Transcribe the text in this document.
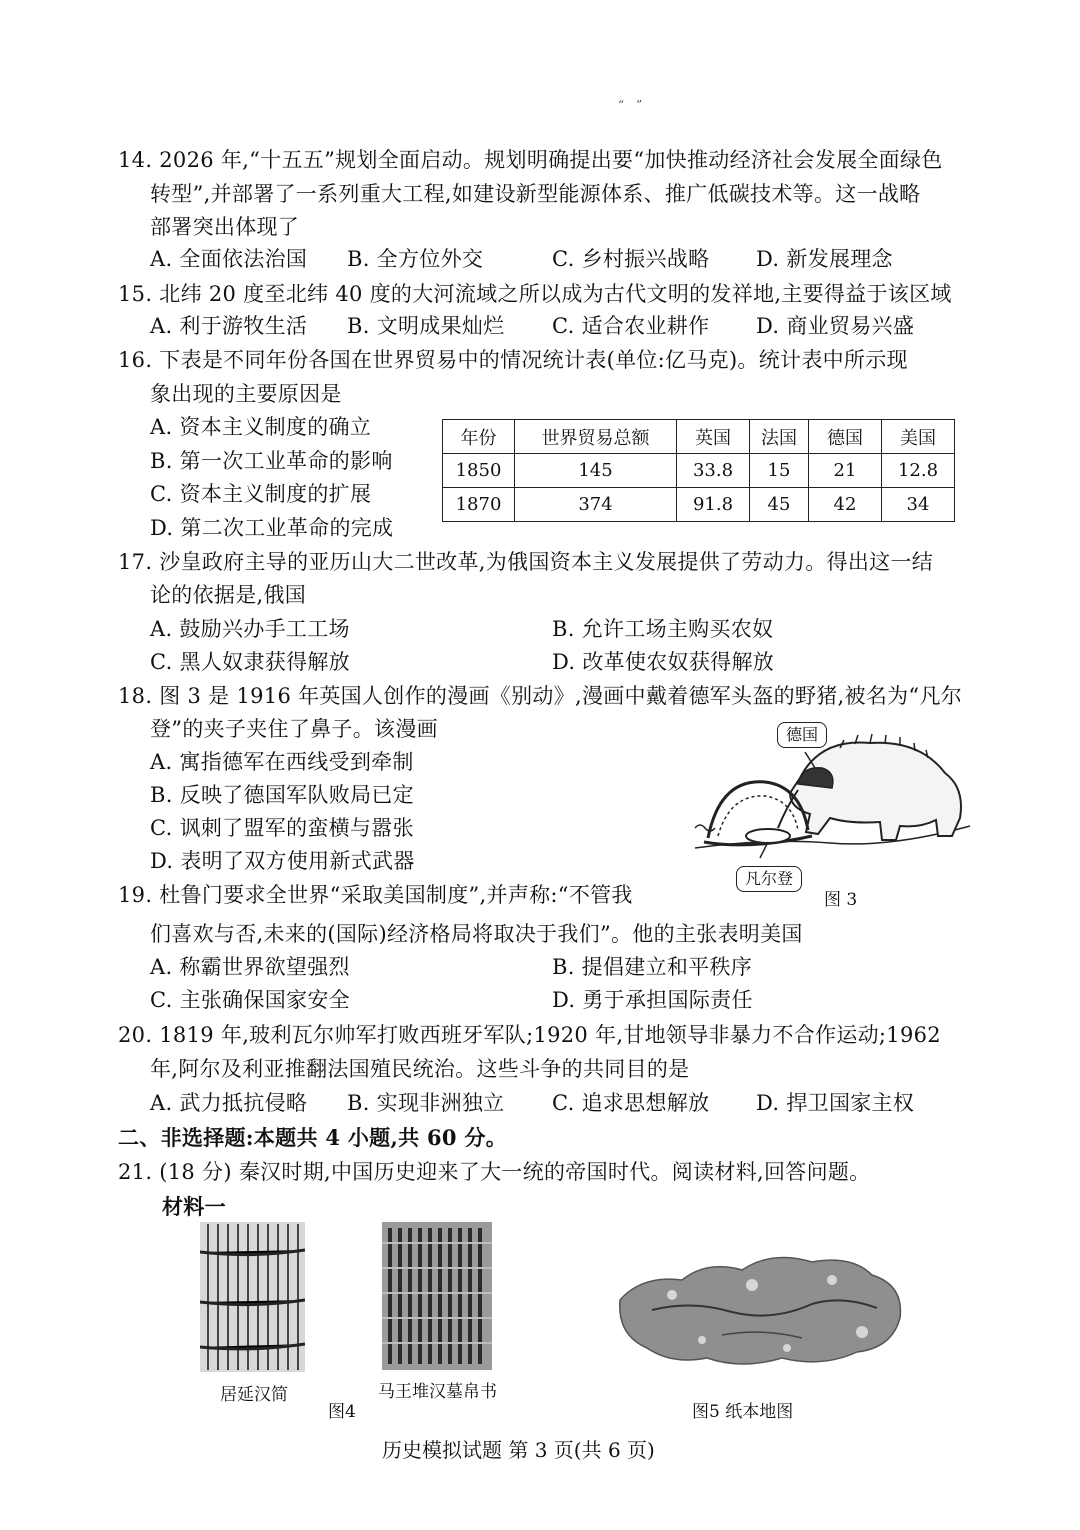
“ ”
14. 2026 年,“十五五”规划全面启动。规划明确提出要“加快推动经济社会发展全面绿色
转型”,并部署了一系列重大工程,如建设新型能源体系、推广低碳技术等。这一战略
部署突出体现了
A. 全面依法治国 B. 全方位外交	C. 乡村振兴战略 D. 新发展理念
15. 北纬 20 度至北纬 40 度的大河流域之所以成为古代文明的发祥地,主要得益于该区域
A. 利于游牧生活 B. 文明成果灿烂 C. 适合农业耕作 D. 商业贸易兴盛
16. 下表是不同年份各国在世界贸易中的情况统计表(单位:亿马克)。统计表中所示现
象出现的主要原因是
A. 资本主义制度的确立
B. 第一次工业革命的影响
C. 资本主义制度的扩展
D. 第二次工业革命的完成
年份	世界贸易总额	英国	法国	德国	美国
1850	145	33.8	15	21	12.8
1870	374	91.8	45	42	34
17. 沙皇政府主导的亚历山大二世改革,为俄国资本主义发展提供了劳动力。得出这一结
论的依据是,俄国
A. 鼓励兴办手工工场	B. 允许工场主购买农奴
C. 黑人奴隶获得解放	D. 改革使农奴获得解放
18. 图 3 是 1916 年英国人创作的漫画《别动》,漫画中戴着德军头盔的野猪,被名为“凡尔
登”的夹子夹住了鼻子。该漫画
A. 寓指德军在西线受到牵制
B. 反映了德国军队败局已定
C. 讽刺了盟军的蛮横与嚣张
D. 表明了双方使用新式武器
德国
凡尔登
图 3
19. 杜鲁门要求全世界“采取美国制度”,并声称:“不管我
们喜欢与否,未来的(国际)经济格局将取决于我们”。他的主张表明美国
A. 称霸世界欲望强烈	B. 提倡建立和平秩序
C. 主张确保国家安全	D. 勇于承担国际责任
20. 1819 年,玻利瓦尔帅军打败西班牙军队;1920 年,甘地领导非暴力不合作运动;1962
年,阿尔及利亚推翻法国殖民统治。这些斗争的共同目的是
A. 武力抵抗侵略 B. 实现非洲独立 C. 追求思想解放 D. 捍卫国家主权
二、非选择题:本题共 4 小题,共 60 分。
21. (18 分) 秦汉时期,中国历史迎来了大一统的帝国时代。阅读材料,回答问题。
材料一
居延汉简	马王堆汉墓帛书
图4	图5 纸本地图
历史模拟试题 第 3 页(共 6 页)
